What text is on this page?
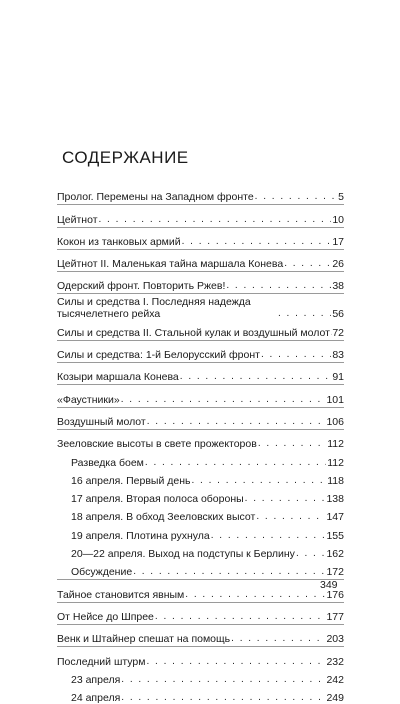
СОДЕРЖАНИЕ
Пролог. Перемены на Западном фронте . . .	5
Цейтнот . . .	10
Кокон из танковых армий . . .	17
Цейтнот II. Маленькая тайна маршала Конева . . .	26
Одерский фронт. Повторить Ржев! . . .	38
Силы и средства I. Последняя надежда тысячелетнего рейха . . .	56
Силы и средства II. Стальной кулак и воздушный молот . . . 72
Силы и средства: 1-й Белорусский фронт . . .	83
Козыри маршала Конева . . .	91
«Фаустники» . . .	101
Воздушный молот . . .	106
Зееловские высоты в свете прожекторов . . .	112
Разведка боем . . .	112
16 апреля. Первый день . . .	118
17 апреля. Вторая полоса обороны . . .	138
18 апреля. В обход Зееловских высот . . .	147
19 апреля. Плотина рухнула . . .	155
20—22 апреля. Выход на подступы к Берлину . . .	162
Обсуждение . . .	172
Тайное становится явным . . .	176
От Нейсе до Шпрее . . .	177
Венк и Штайнер спешат на помощь . . .	203
Последний штурм . . .	232
23 апреля . . .	242
24 апреля . . .	249
349
